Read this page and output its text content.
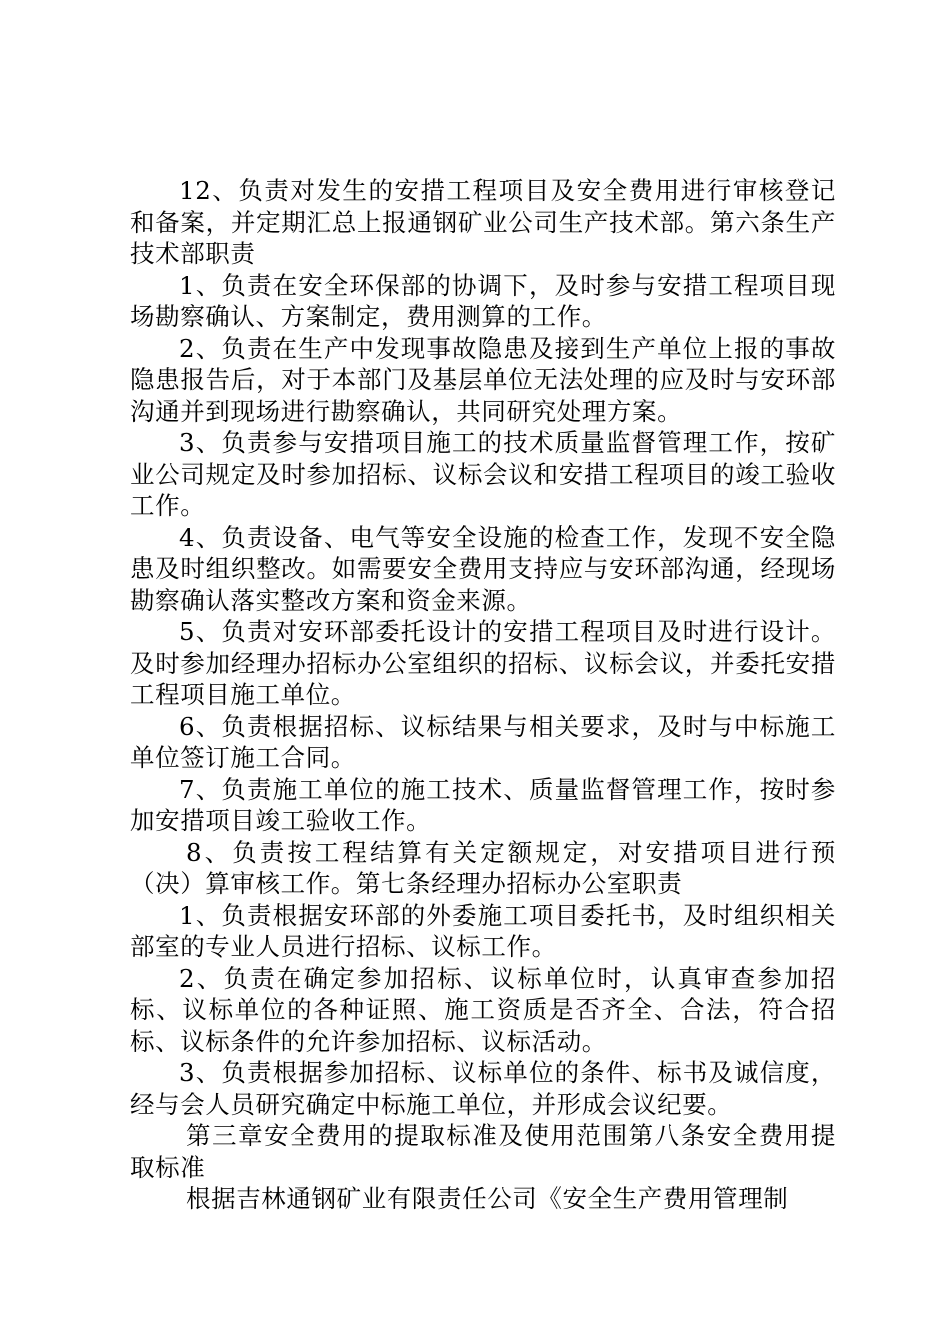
12、负责对发生的安措工程项目及安全费用进行审核登记和备案，并定期汇总上报通钢矿业公司生产技术部。第六条生产技术部职责

1、负责在安全环保部的协调下，及时参与安措工程项目现场勘察确认、方案制定，费用测算的工作。

2、负责在生产中发现事故隐患及接到生产单位上报的事故隐患报告后，对于本部门及基层单位无法处理的应及时与安环部沟通并到现场进行勘察确认，共同研究处理方案。

3、负责参与安措项目施工的技术质量监督管理工作，按矿业公司规定及时参加招标、议标会议和安措工程项目的竣工验收工作。

4、负责设备、电气等安全设施的检查工作，发现不安全隐患及时组织整改。如需要安全费用支持应与安环部沟通，经现场勘察确认落实整改方案和资金来源。

5、负责对安环部委托设计的安措工程项目及时进行设计。及时参加经理办招标办公室组织的招标、议标会议，并委托安措工程项目施工单位。

6、负责根据招标、议标结果与相关要求，及时与中标施工单位签订施工合同。

7、负责施工单位的施工技术、质量监督管理工作，按时参加安措项目竣工验收工作。

8、负责按工程结算有关定额规定，对安措项目进行预（决）算审核工作。第七条经理办招标办公室职责

1、负责根据安环部的外委施工项目委托书，及时组织相关部室的专业人员进行招标、议标工作。

2、负责在确定参加招标、议标单位时，认真审查参加招标、议标单位的各种证照、施工资质是否齐全、合法，符合招标、议标条件的允许参加招标、议标活动。

3、负责根据参加招标、议标单位的条件、标书及诚信度，经与会人员研究确定中标施工单位，并形成会议纪要。

第三章安全费用的提取标准及使用范围第八条安全费用提取标准

根据吉林通钢矿业有限责任公司《安全生产费用管理制
